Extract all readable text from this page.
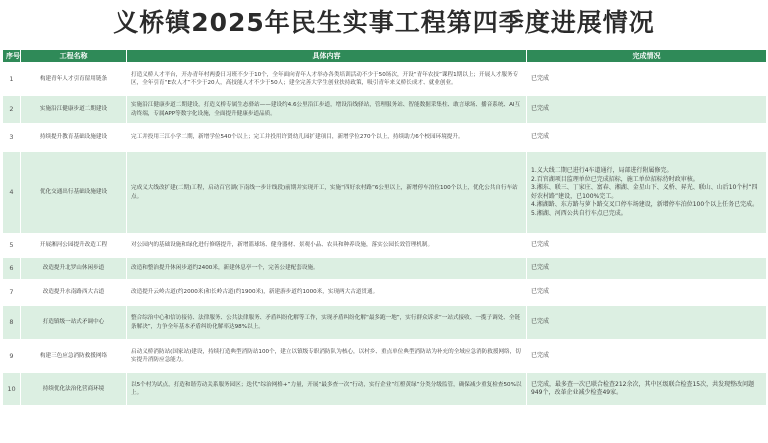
义桥镇2025年民生实事工程第四季度进展情况
序号	工程名称	具体内容	完成情况
1	构建青年人才引育留用链条	打造义桥人才平台，开办青年村两委日习班不少于10个，全年面向青年人才举办各类培训活动不少于50场次，开设“青年农技”课程1期以上；开展人才服务专区，全年引育“E农人才”不少于20人，高技能人才不少于50人；建全完善大学生创业扶持政策，吸引青年来义桥长成才、就业创业。	已完成
2	实施沿江健康步道二期建设	实施沿江健康步道二期建设，打造义桥专属生态驿站——建设约4.6公里沿江步道，增设沿线驿站，管理服务站、智能数据采集柱、敢言球场、播音系统、AI互动终端，专属APP等数字化设施，全面提升健康步道品质。	已完成
3	持续提升教育基础设施建设	完工并投用三江小学二期，新增学位540个以上；完工并投用许贤幼儿园扩建项目，新增学位270个以上，持续助力6个校园环境提升。	已完成
4	优化交通出行基础设施建设	完成义大线改扩建(二期)工程，启动百官湖(下南线一步计线段)前期并实现开工，实施“四好农村路”6公里以上，新增停车泊位100个以上，优化公共自行车站点。	1.义大线二期已进行4车道通行，局部进行附属修完。
2.百官湖项目监理单位已完成招标，施工单位招标待时政审核。
3.湘东、联三、丁家庄、富春、湘湖、金星山下、义桥、昇光、联山、山后10个村“四好农村路”建设，已100%完工。
4.湘湖路、东方路与萝卜路交叉口停车场建设，新增停车泊位100个以上任务已完成。
5.湘湖、河西公共自行车点已完成。
5	开展湘河公园提升改造工程	对公园内的基础设施和绿化进行修缮提升，新增篮球场、健身器材、景观小品、农具和种养设施，落实公园长效管理机制。	已完成
6	改造提升北罗山休闲步道	改造和整治提升休闲步道约2400米，新建休息亭一个，完善公建配套设施。	已完成
7	改造提升水南路西大古道	改造提升云岭古道(约2000米)和长岭古道(约1900米)，新建游步道约1000米，实现两大古道贯通。	已完成
8	打造镇级一站式矛调中心	整合综治中心和信访接待、法律服务、公共法律服务、矛盾纠纷化解等工作，实现矛盾纠纷化解“最多跑一地”，实行群众诉求“一站式接收、一揽子调处、全链条解决”，力争全年基本矛盾纠纷化解率达98%以上。	已完成
9	构建三色应急消防救援网络	启动义桥消防站(国家站)建设，持续打造典型消防站100个，建立以镇级专职消防队为核心，以村乡、重点单位典型消防站为补充的全域应急消防救援网络，切实提升消防应急能力。	已完成
10	持续优化法治化营商环境	以5个村为试点，打造和谐劳动关系服务园区；迭代“综治网格+”力量，开展“最多查一次”行动，实行企业“红橙黄绿”分类分级监管，确保减少重复检查50%以上。	已完成，最多查一次已联合检查212余次，其中区级联合检查15次，共发现整改问题949个，改革企业减少检查49家。
